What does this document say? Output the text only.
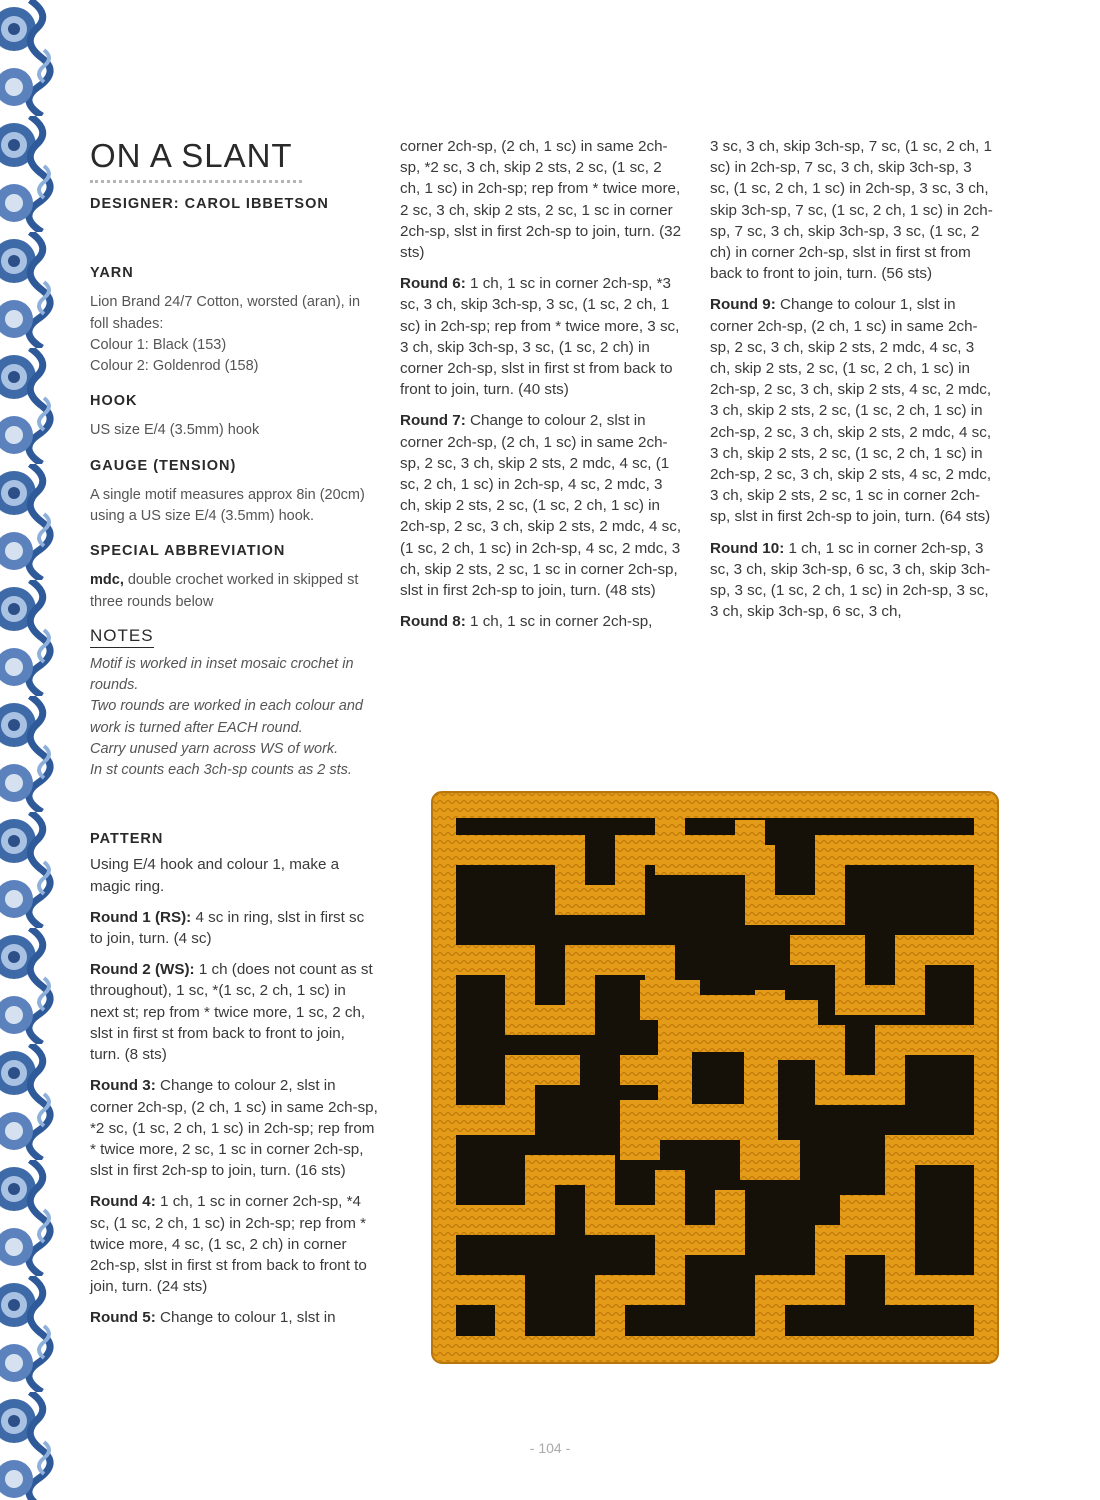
ON A SLANT
DESIGNER: CAROL IBBETSON
YARN
Lion Brand 24/7 Cotton, worsted (aran), in foll shades:
Colour 1: Black (153)
Colour 2: Goldenrod (158)
HOOK
US size E/4 (3.5mm) hook
GAUGE (TENSION)
A single motif measures approx 8in (20cm) using a US size E/4 (3.5mm) hook.
SPECIAL ABBREVIATION
mdc, double crochet worked in skipped st three rounds below
NOTES
Motif is worked in inset mosaic crochet in rounds.
Two rounds are worked in each colour and work is turned after EACH round.
Carry unused yarn across WS of work.
In st counts each 3ch-sp counts as 2 sts.
PATTERN

Using E/4 hook and colour 1, make a magic ring.

Round 1 (RS): 4 sc in ring, slst in first sc to join, turn. (4 sc)

Round 2 (WS): 1 ch (does not count as st throughout), 1 sc, *(1 sc, 2 ch, 1 sc) in next st; rep from * twice more, 1 sc, 2 ch, slst in first st from back to front to join, turn. (8 sts)

Round 3: Change to colour 2, slst in corner 2ch-sp, (2 ch, 1 sc) in same 2ch-sp, *2 sc, (1 sc, 2 ch, 1 sc) in 2ch-sp; rep from * twice more, 2 sc, 1 sc in corner 2ch-sp, slst in first 2ch-sp to join, turn. (16 sts)

Round 4: 1 ch, 1 sc in corner 2ch-sp, *4 sc, (1 sc, 2 ch, 1 sc) in 2ch-sp; rep from * twice more, 4 sc, (1 sc, 2 ch) in corner 2ch-sp, slst in first st from back to front to join, turn. (24 sts)

Round 5: Change to colour 1, slst in

corner 2ch-sp, (2 ch, 1 sc) in same 2ch-sp, *2 sc, 3 ch, skip 2 sts, 2 sc, (1 sc, 2 ch, 1 sc) in 2ch-sp; rep from * twice more, 2 sc, 3 ch, skip 2 sts, 2 sc, 1 sc in corner 2ch-sp, slst in first 2ch-sp to join, turn. (32 sts)

Round 6: 1 ch, 1 sc in corner 2ch-sp, *3 sc, 3 ch, skip 3ch-sp, 3 sc, (1 sc, 2 ch, 1 sc) in 2ch-sp; rep from * twice more, 3 sc, 3 ch, skip 3ch-sp, 3 sc, (1 sc, 2 ch) in corner 2ch-sp, slst in first st from back to front to join, turn. (40 sts)

Round 7: Change to colour 2, slst in corner 2ch-sp, (2 ch, 1 sc) in same 2ch-sp, 2 sc, 3 ch, skip 2 sts, 2 mdc, 4 sc, (1 sc, 2 ch, 1 sc) in 2ch-sp, 4 sc, 2 mdc, 3 ch, skip 2 sts, 2 sc, (1 sc, 2 ch, 1 sc) in 2ch-sp, 2 sc, 3 ch, skip 2 sts, 2 mdc, 4 sc, (1 sc, 2 ch, 1 sc) in 2ch-sp, 4 sc, 2 mdc, 3 ch, skip 2 sts, 2 sc, 1 sc in corner 2ch-sp, slst in first 2ch-sp to join, turn. (48 sts)

Round 8: 1 ch, 1 sc in corner 2ch-sp,

3 sc, 3 ch, skip 3ch-sp, 7 sc, (1 sc, 2 ch, 1 sc) in 2ch-sp, 7 sc, 3 ch, skip 3ch-sp, 3 sc, (1 sc, 2 ch, 1 sc) in 2ch-sp, 3 sc, 3 ch, skip 3ch-sp, 7 sc, (1 sc, 2 ch, 1 sc) in 2ch-sp, 7 sc, 3 ch, skip 3ch-sp, 3 sc, (1 sc, 2 ch) in corner 2ch-sp, slst in first st from back to front to join, turn. (56 sts)

Round 9: Change to colour 1, slst in corner 2ch-sp, (2 ch, 1 sc) in same 2ch-sp, 2 sc, 3 ch, skip 2 sts, 2 mdc, 4 sc, 3 ch, skip 2 sts, 2 sc, (1 sc, 2 ch, 1 sc) in 2ch-sp, 2 sc, 3 ch, skip 2 sts, 4 sc, 2 mdc, 3 ch, skip 2 sts, 2 sc, (1 sc, 2 ch, 1 sc) in 2ch-sp, 2 sc, 3 ch, skip 2 sts, 2 mdc, 4 sc, 3 ch, skip 2 sts, 2 sc, (1 sc, 2 ch, 1 sc) in 2ch-sp, 2 sc, 3 ch, skip 2 sts, 4 sc, 2 mdc, 3 ch, skip 2 sts, 2 sc, 1 sc in corner 2ch-sp, slst in first 2ch-sp to join, turn. (64 sts)

Round 10: 1 ch, 1 sc in corner 2ch-sp, 3 sc, 3 ch, skip 3ch-sp, 6 sc, 3 ch, skip 3ch-sp, 3 sc, (1 sc, 2 ch, 1 sc) in 2ch-sp, 3 sc, 3 ch, skip 3ch-sp, 6 sc, 3 ch,

- 104 -
